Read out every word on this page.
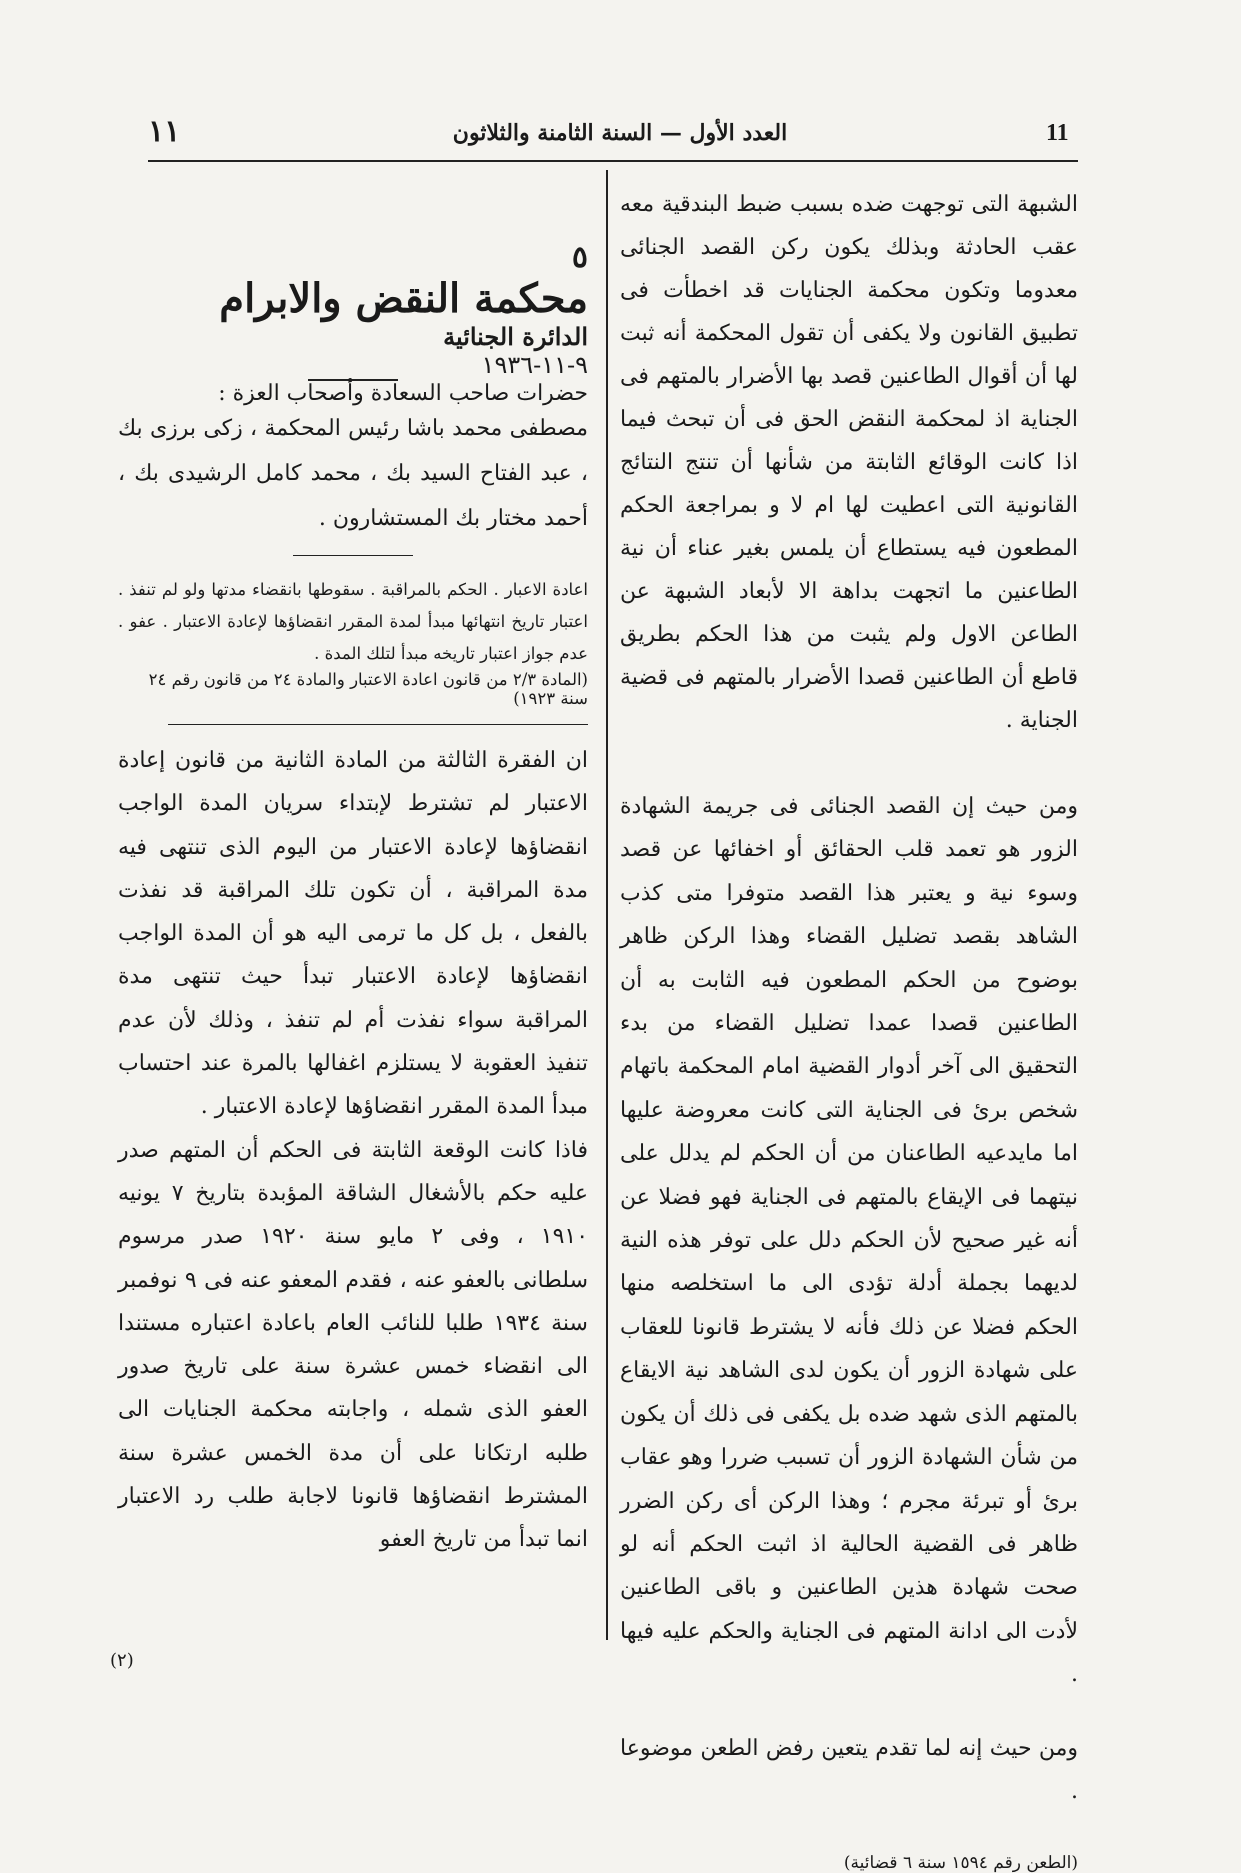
11
العدد الأول — السنة الثامنة والثلاثون
١١

الشبهة التى توجهت ضده بسبب ضبط البندقية معه عقب الحادثة وبذلك يكون ركن القصد الجنائى معدوما وتكون محكمة الجنايات قد اخطأت فى تطبيق القانون ولا يكفى أن تقول المحكمة أنه ثبت لها أن أقوال الطاعنين قصد بها الأضرار بالمتهم فى الجناية اذ لمحكمة النقض الحق فى أن تبحث فيما اذا كانت الوقائع الثابتة من شأنها أن تنتج النتائج القانونية التى اعطيت لها ام لا و بمراجعة الحكم المطعون فيه يستطاع أن يلمس بغير عناء أن نية الطاعنين ما اتجهت بداهة الا لأبعاد الشبهة عن الطاعن الاول ولم يثبت من هذا الحكم بطريق قاطع أن الطاعنين قصدا الأضرار بالمتهم فى قضية الجناية .

ومن حيث إن القصد الجنائى فى جريمة الشهادة الزور هو تعمد قلب الحقائق أو اخفائها عن قصد وسوء نية و يعتبر هذا القصد متوفرا متى كذب الشاهد بقصد تضليل القضاء وهذا الركن ظاهر بوضوح من الحكم المطعون فيه الثابت به أن الطاعنين قصدا عمدا تضليل القضاء من بدء التحقيق الى آخر أدوار القضية امام المحكمة باتهام شخص برئ فى الجناية التى كانت معروضة عليها اما مايدعيه الطاعنان من أن الحكم لم يدلل على نيتهما فى الإيقاع بالمتهم فى الجناية فهو فضلا عن أنه غير صحيح لأن الحكم دلل على توفر هذه النية لديهما بجملة أدلة تؤدى الى ما استخلصه منها الحكم فضلا عن ذلك فأنه لا يشترط قانونا للعقاب على شهادة الزور أن يكون لدى الشاهد نية الايقاع بالمتهم الذى شهد ضده بل يكفى فى ذلك أن يكون من شأن الشهادة الزور أن تسبب ضررا وهو عقاب برئ أو تبرئة مجرم ؛ وهذا الركن أى ركن الضرر ظاهر فى القضية الحالية اذ اثبت الحكم أنه لو صحت شهادة هذين الطاعنين و باقى الطاعنين لأدت الى ادانة المتهم فى الجناية والحكم عليه فيها .

ومن حيث إنه لما تقدم يتعين رفض الطعن موضوعا .

(الطعن رقم ١٥٩٤ سنة ٦ قضائية)

٥

محكمة النقض والابرام

الدائرة الجنائية

٩-١١-١٩٣٦

حضرات صاحب السعادة وأصحاب العزة :

مصطفى محمد باشا رئيس المحكمة ، زكى برزى بك ، عبد الفتاح السيد بك ، محمد كامل الرشيدى بك ، أحمد مختار بك المستشارون .

اعادة الاعبار . الحكم بالمراقبة . سقوطها بانقضاء مدتها ولو لم تنفذ . اعتبار تاريخ انتهائها مبدأ لمدة المقرر انقضاؤها لإعادة الاعتبار . عفو . عدم جواز اعتبار تاريخه مبدأ لتلك المدة .

(المادة ٢/٣ من قانون اعادة الاعتبار والمادة ٢٤ من قانون رقم ٢٤ سنة ١٩٢٣)

ان الفقرة الثالثة من المادة الثانية من قانون إعادة الاعتبار لم تشترط لإبتداء سريان المدة الواجب انقضاؤها لإعادة الاعتبار من اليوم الذى تنتهى فيه مدة المراقبة ، أن تكون تلك المراقبة قد نفذت بالفعل ، بل كل ما ترمى اليه هو أن المدة الواجب انقضاؤها لإعادة الاعتبار تبدأ حيث تنتهى مدة المراقبة سواء نفذت أم لم تنفذ ، وذلك لأن عدم تنفيذ العقوبة لا يستلزم اغفالها بالمرة عند احتساب مبدأ المدة المقرر انقضاؤها لإعادة الاعتبار .

فاذا كانت الوقعة الثابتة فى الحكم أن المتهم صدر عليه حكم بالأشغال الشاقة المؤبدة بتاريخ ٧ يونيه ١٩١٠ ، وفى ٢ مايو سنة ١٩٢٠ صدر مرسوم سلطانى بالعفو عنه ، فقدم المعفو عنه فى ٩ نوفمبر سنة ١٩٣٤ طلبا للنائب العام باعادة اعتباره مستندا الى انقضاء خمس عشرة سنة على تاريخ صدور العفو الذى شمله ، واجابته محكمة الجنايات الى طلبه ارتكانا على أن مدة الخمس عشرة سنة المشترط انقضاؤها قانونا لاجابة طلب رد الاعتبار انما تبدأ من تاريخ العفو

(٢)
